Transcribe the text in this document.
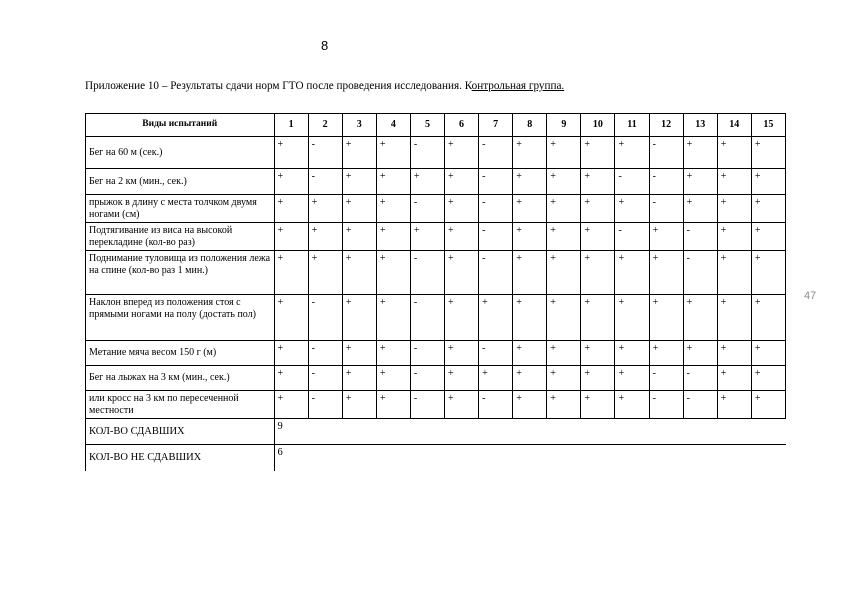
8
47
Приложение 10 – Результаты сдачи норм ГТО после проведения исследования. Контрольная группа.
Виды испытаний	1	2	3	4	5	6	7	8	9	10	11	12	13	14	15
Бег на 60 м (сек.)	+	-	+	+	-	+	-	+	+	+	+	-	+	+	+
Бег на 2 км (мин., сек.)	+	-	+	+	+	+	-	+	+	+	-	-	+	+	+
прыжок в длину с места толчком двумя ногами (см)	+	+	+	+	-	+	-	+	+	+	+	-	+	+	+
Подтягивание из виса на высокой перекладине (кол-во раз)	+	+	+	+	+	+	-	+	+	+	-	+	-	+	+
Поднимание туловища из положения лежа на спине (кол-во раз 1 мин.)	+	+	+	+	-	+	-	+	+	+	+	+	-	+	+
Наклон вперед из положения стоя с прямыми ногами на полу (достать пол)	+	-	+	+	-	+	+	+	+	+	+	+	+	+	+
Метание мяча весом 150 г (м)	+	-	+	+	-	+	-	+	+	+	+	+	+	+	+
Бег на лыжах на 3 км (мин., сек.)	+	-	+	+	-	+	+	+	+	+	+	-	-	+	+
или кросс на 3 км по пересеченной местности	+	-	+	+	-	+	-	+	+	+	+	-	-	+	+
КОЛ-ВО СДАВШИХ	9														
КОЛ-ВО НЕ СДАВШИХ	6														
